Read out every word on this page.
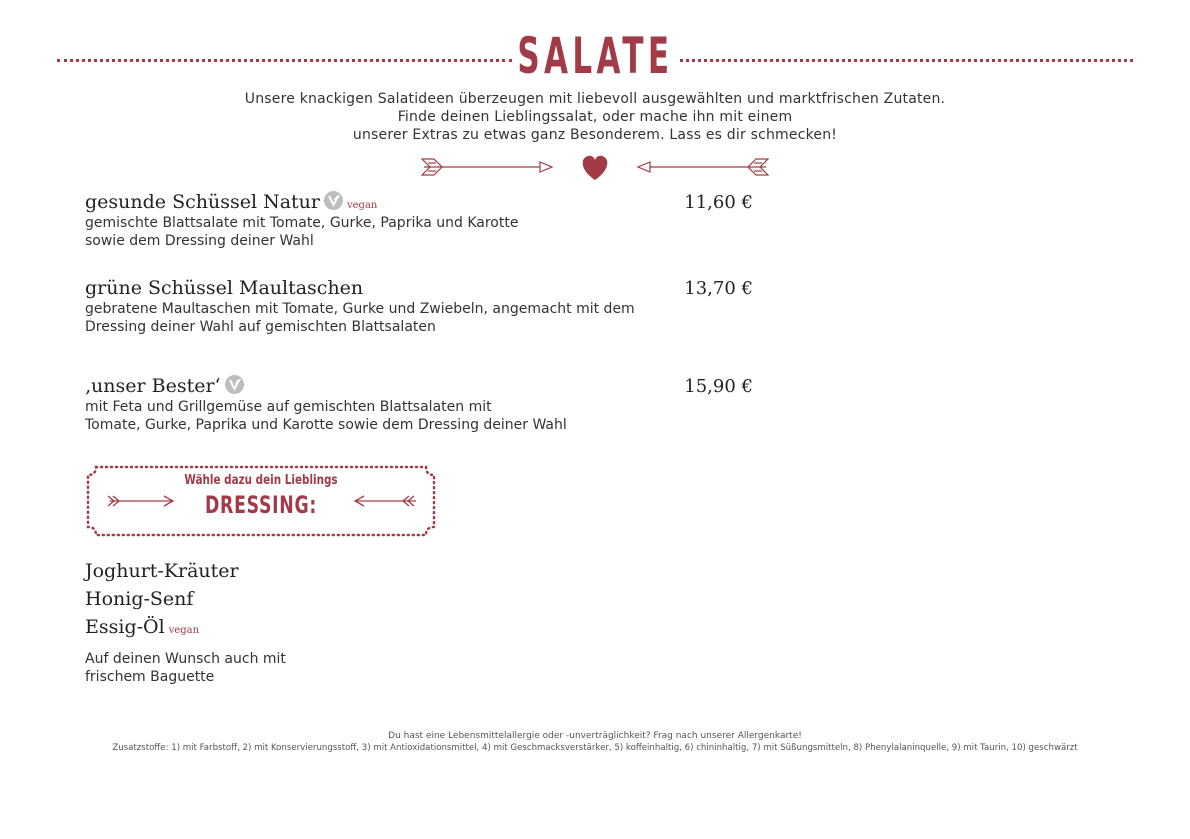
SALATE
Unsere knackigen Salatideen überzeugen mit liebevoll ausgewählten und marktfrischen Zutaten.
Finde deinen Lieblingssalat, oder mache ihn mit einem
unserer Extras zu etwas ganz Besonderem. Lass es dir schmecken!
gesunde Schüssel Natur	vegan	11,60 €
gemischte Blattsalate mit Tomate, Gurke, Paprika und Karotte
sowie dem Dressing deiner Wahl
grüne Schüssel Maultaschen	13,70 €
gebratene Maultaschen mit Tomate, Gurke und Zwiebeln, angemacht mit dem
Dressing deiner Wahl auf gemischten Blattsalaten
‚unser Bester‘	15,90 €
mit Feta und Grillgemüse auf gemischten Blattsalaten mit
Tomate, Gurke, Paprika und Karotte sowie dem Dressing deiner Wahl
Wähle dazu dein Lieblings
DRESSING:
Joghurt-Kräuter
Honig-Senf
Essig-Öl vegan
Auf deinen Wunsch auch mit
frischem Baguette
Du hast eine Lebensmittelallergie oder -unverträglichkeit? Frag nach unserer Allergenkarte!
Zusatzstoffe: 1) mit Farbstoff, 2) mit Konservierungsstoff, 3) mit Antioxidationsmittel, 4) mit Geschmacksverstärker, 5) koffeinhaltig, 6) chininhaltig, 7) mit Süßungsmitteln, 8) Phenylalaninquelle, 9) mit Taurin, 10) geschwärzt
